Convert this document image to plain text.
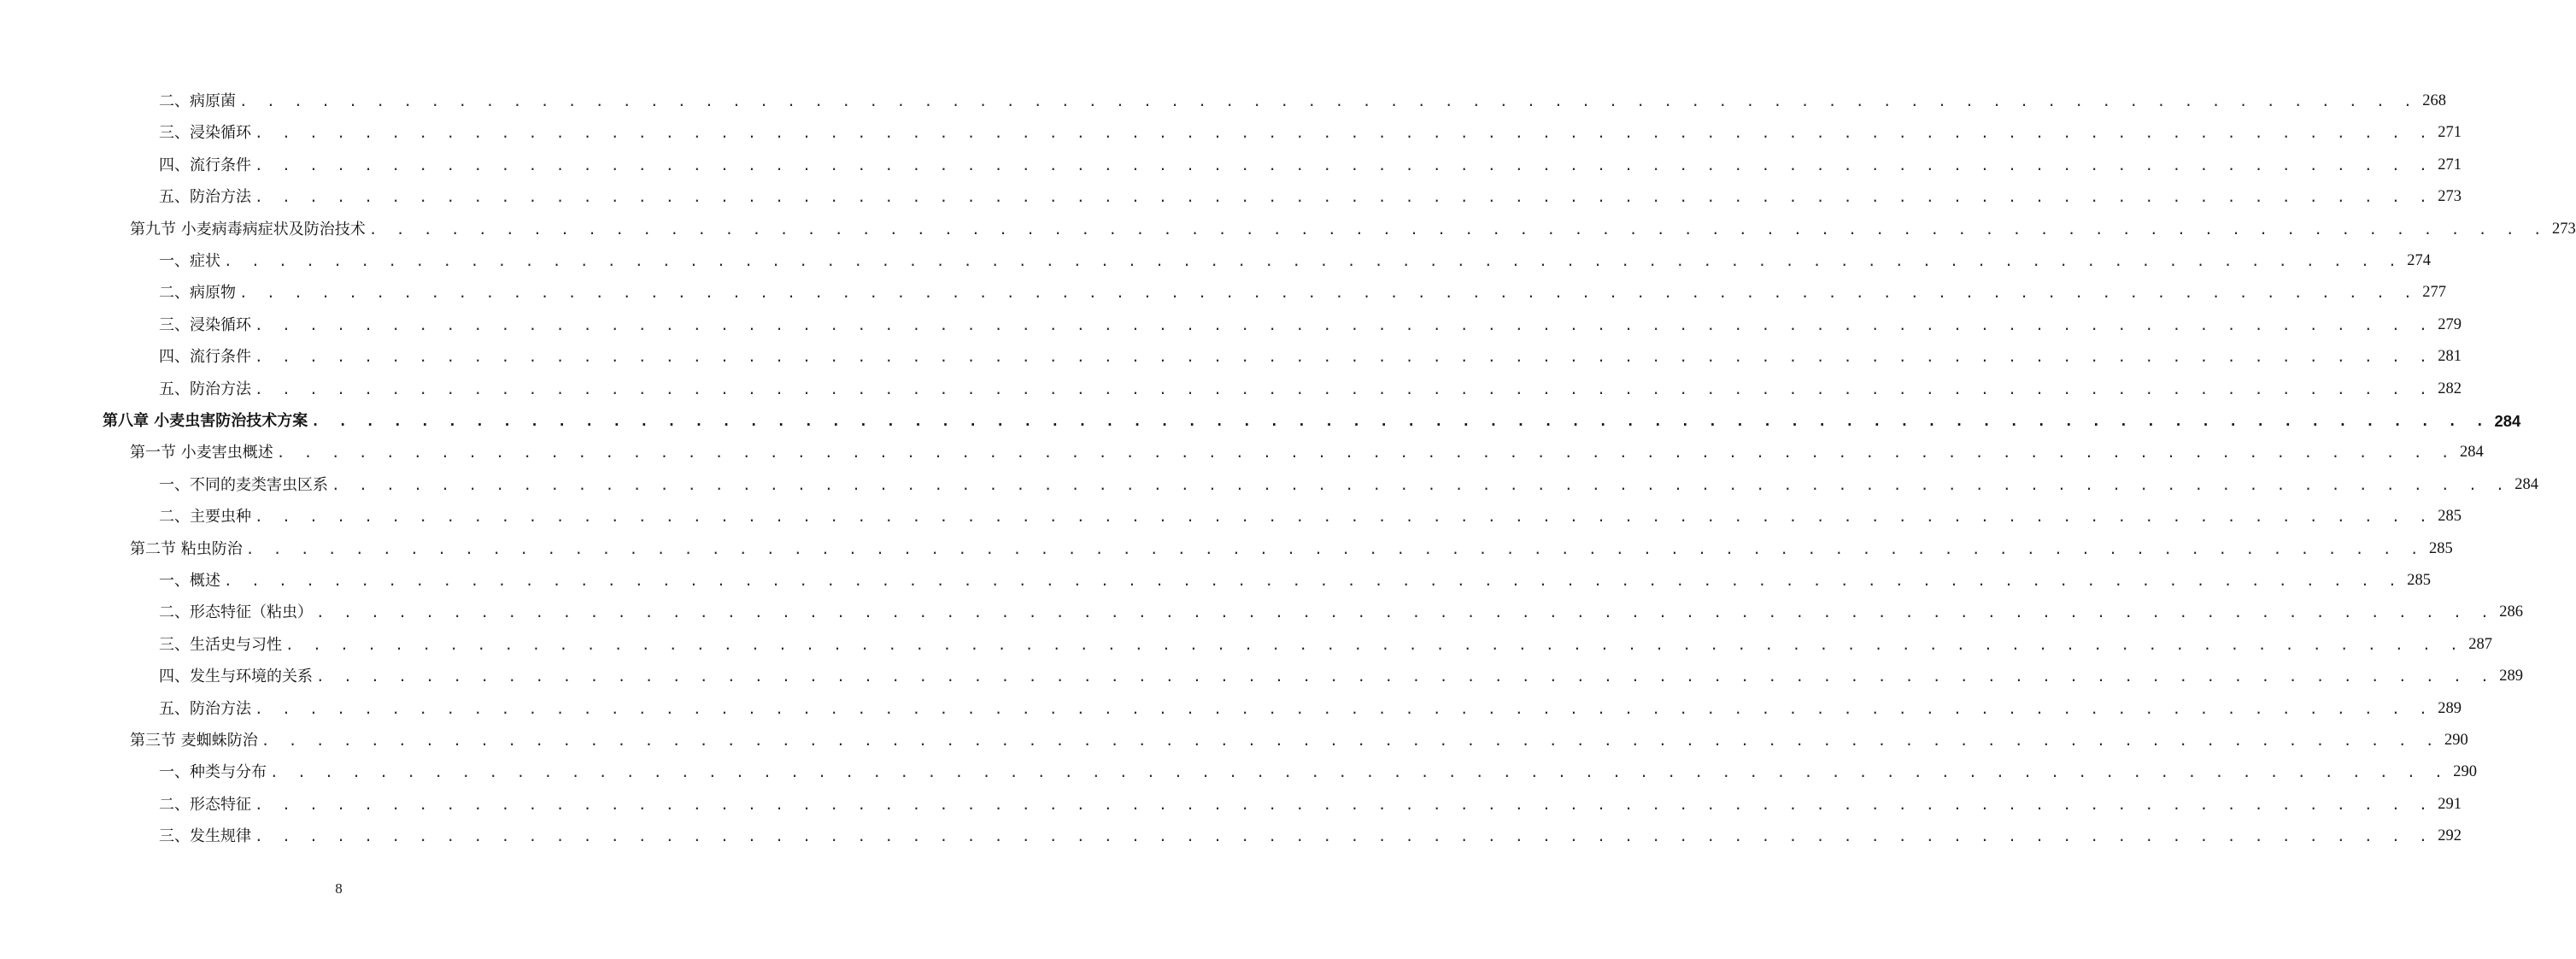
二、病原菌 . . . . . . . . . . . . . . . . . . . . . . . . . . . . . . . . . . . . . . . . . . . . . . . . . . . . . . . . . . . . . . . . . . . . . . . . . . . . . . . . 268
三、浸染循环 . . . . . . . . . . . . . . . . . . . . . . . . . . . . . . . . . . . . . . . . . . . . . . . . . . . . . . . . . . . . . . . . . . . . . . . . . . . . . . . . 271
四、流行条件 . . . . . . . . . . . . . . . . . . . . . . . . . . . . . . . . . . . . . . . . . . . . . . . . . . . . . . . . . . . . . . . . . . . . . . . . . . . . . . . . 271
五、防治方法 . . . . . . . . . . . . . . . . . . . . . . . . . . . . . . . . . . . . . . . . . . . . . . . . . . . . . . . . . . . . . . . . . . . . . . . . . . . . . . . . 273
第九节 小麦病毒病症状及防治技术 . . . . . . . . . . . . . . . . . . . . . . . . . . . . . . . . . . . . . . . . . . . . . . . . . . . . . . . . . . . . . . . . . . . . . . . . . . . . . . . . 273
一、症状 . . . . . . . . . . . . . . . . . . . . . . . . . . . . . . . . . . . . . . . . . . . . . . . . . . . . . . . . . . . . . . . . . . . . . . . . . . . . . . . . 274
二、病原物 . . . . . . . . . . . . . . . . . . . . . . . . . . . . . . . . . . . . . . . . . . . . . . . . . . . . . . . . . . . . . . . . . . . . . . . . . . . . . . . . 277
三、浸染循环 . . . . . . . . . . . . . . . . . . . . . . . . . . . . . . . . . . . . . . . . . . . . . . . . . . . . . . . . . . . . . . . . . . . . . . . . . . . . . . . . 279
四、流行条件 . . . . . . . . . . . . . . . . . . . . . . . . . . . . . . . . . . . . . . . . . . . . . . . . . . . . . . . . . . . . . . . . . . . . . . . . . . . . . . . . 281
五、防治方法 . . . . . . . . . . . . . . . . . . . . . . . . . . . . . . . . . . . . . . . . . . . . . . . . . . . . . . . . . . . . . . . . . . . . . . . . . . . . . . . . 282
第八章 小麦虫害防治技术方案 . . . . . . . . . . . . . . . . . . . . . . . . . . . . . . . . . . . . . . . . . . . . . . . . . . . . . . . . . . . . . . . . . . . . . . . . . . . . . . . . 284
第一节 小麦害虫概述 . . . . . . . . . . . . . . . . . . . . . . . . . . . . . . . . . . . . . . . . . . . . . . . . . . . . . . . . . . . . . . . . . . . . . . . . . . . . . . . . 284
一、不同的麦类害虫区系 . . . . . . . . . . . . . . . . . . . . . . . . . . . . . . . . . . . . . . . . . . . . . . . . . . . . . . . . . . . . . . . . . . . . . . . . . . . . . . . . 284
二、主要虫种 . . . . . . . . . . . . . . . . . . . . . . . . . . . . . . . . . . . . . . . . . . . . . . . . . . . . . . . . . . . . . . . . . . . . . . . . . . . . . . . . 285
第二节 粘虫防治 . . . . . . . . . . . . . . . . . . . . . . . . . . . . . . . . . . . . . . . . . . . . . . . . . . . . . . . . . . . . . . . . . . . . . . . . . . . . . . . . 285
一、概述 . . . . . . . . . . . . . . . . . . . . . . . . . . . . . . . . . . . . . . . . . . . . . . . . . . . . . . . . . . . . . . . . . . . . . . . . . . . . . . . . 285
二、形态特征（粘虫） . . . . . . . . . . . . . . . . . . . . . . . . . . . . . . . . . . . . . . . . . . . . . . . . . . . . . . . . . . . . . . . . . . . . . . . . . . . . . . . . 286
三、生活史与习性 . . . . . . . . . . . . . . . . . . . . . . . . . . . . . . . . . . . . . . . . . . . . . . . . . . . . . . . . . . . . . . . . . . . . . . . . . . . . . . . . 287
四、发生与环境的关系 . . . . . . . . . . . . . . . . . . . . . . . . . . . . . . . . . . . . . . . . . . . . . . . . . . . . . . . . . . . . . . . . . . . . . . . . . . . . . . . . 289
五、防治方法 . . . . . . . . . . . . . . . . . . . . . . . . . . . . . . . . . . . . . . . . . . . . . . . . . . . . . . . . . . . . . . . . . . . . . . . . . . . . . . . . 289
第三节 麦蜘蛛防治 . . . . . . . . . . . . . . . . . . . . . . . . . . . . . . . . . . . . . . . . . . . . . . . . . . . . . . . . . . . . . . . . . . . . . . . . . . . . . . . . 290
一、种类与分布 . . . . . . . . . . . . . . . . . . . . . . . . . . . . . . . . . . . . . . . . . . . . . . . . . . . . . . . . . . . . . . . . . . . . . . . . . . . . . . . . 290
二、形态特征 . . . . . . . . . . . . . . . . . . . . . . . . . . . . . . . . . . . . . . . . . . . . . . . . . . . . . . . . . . . . . . . . . . . . . . . . . . . . . . . . 291
三、发生规律 . . . . . . . . . . . . . . . . . . . . . . . . . . . . . . . . . . . . . . . . . . . . . . . . . . . . . . . . . . . . . . . . . . . . . . . . . . . . . . . . 292
8
